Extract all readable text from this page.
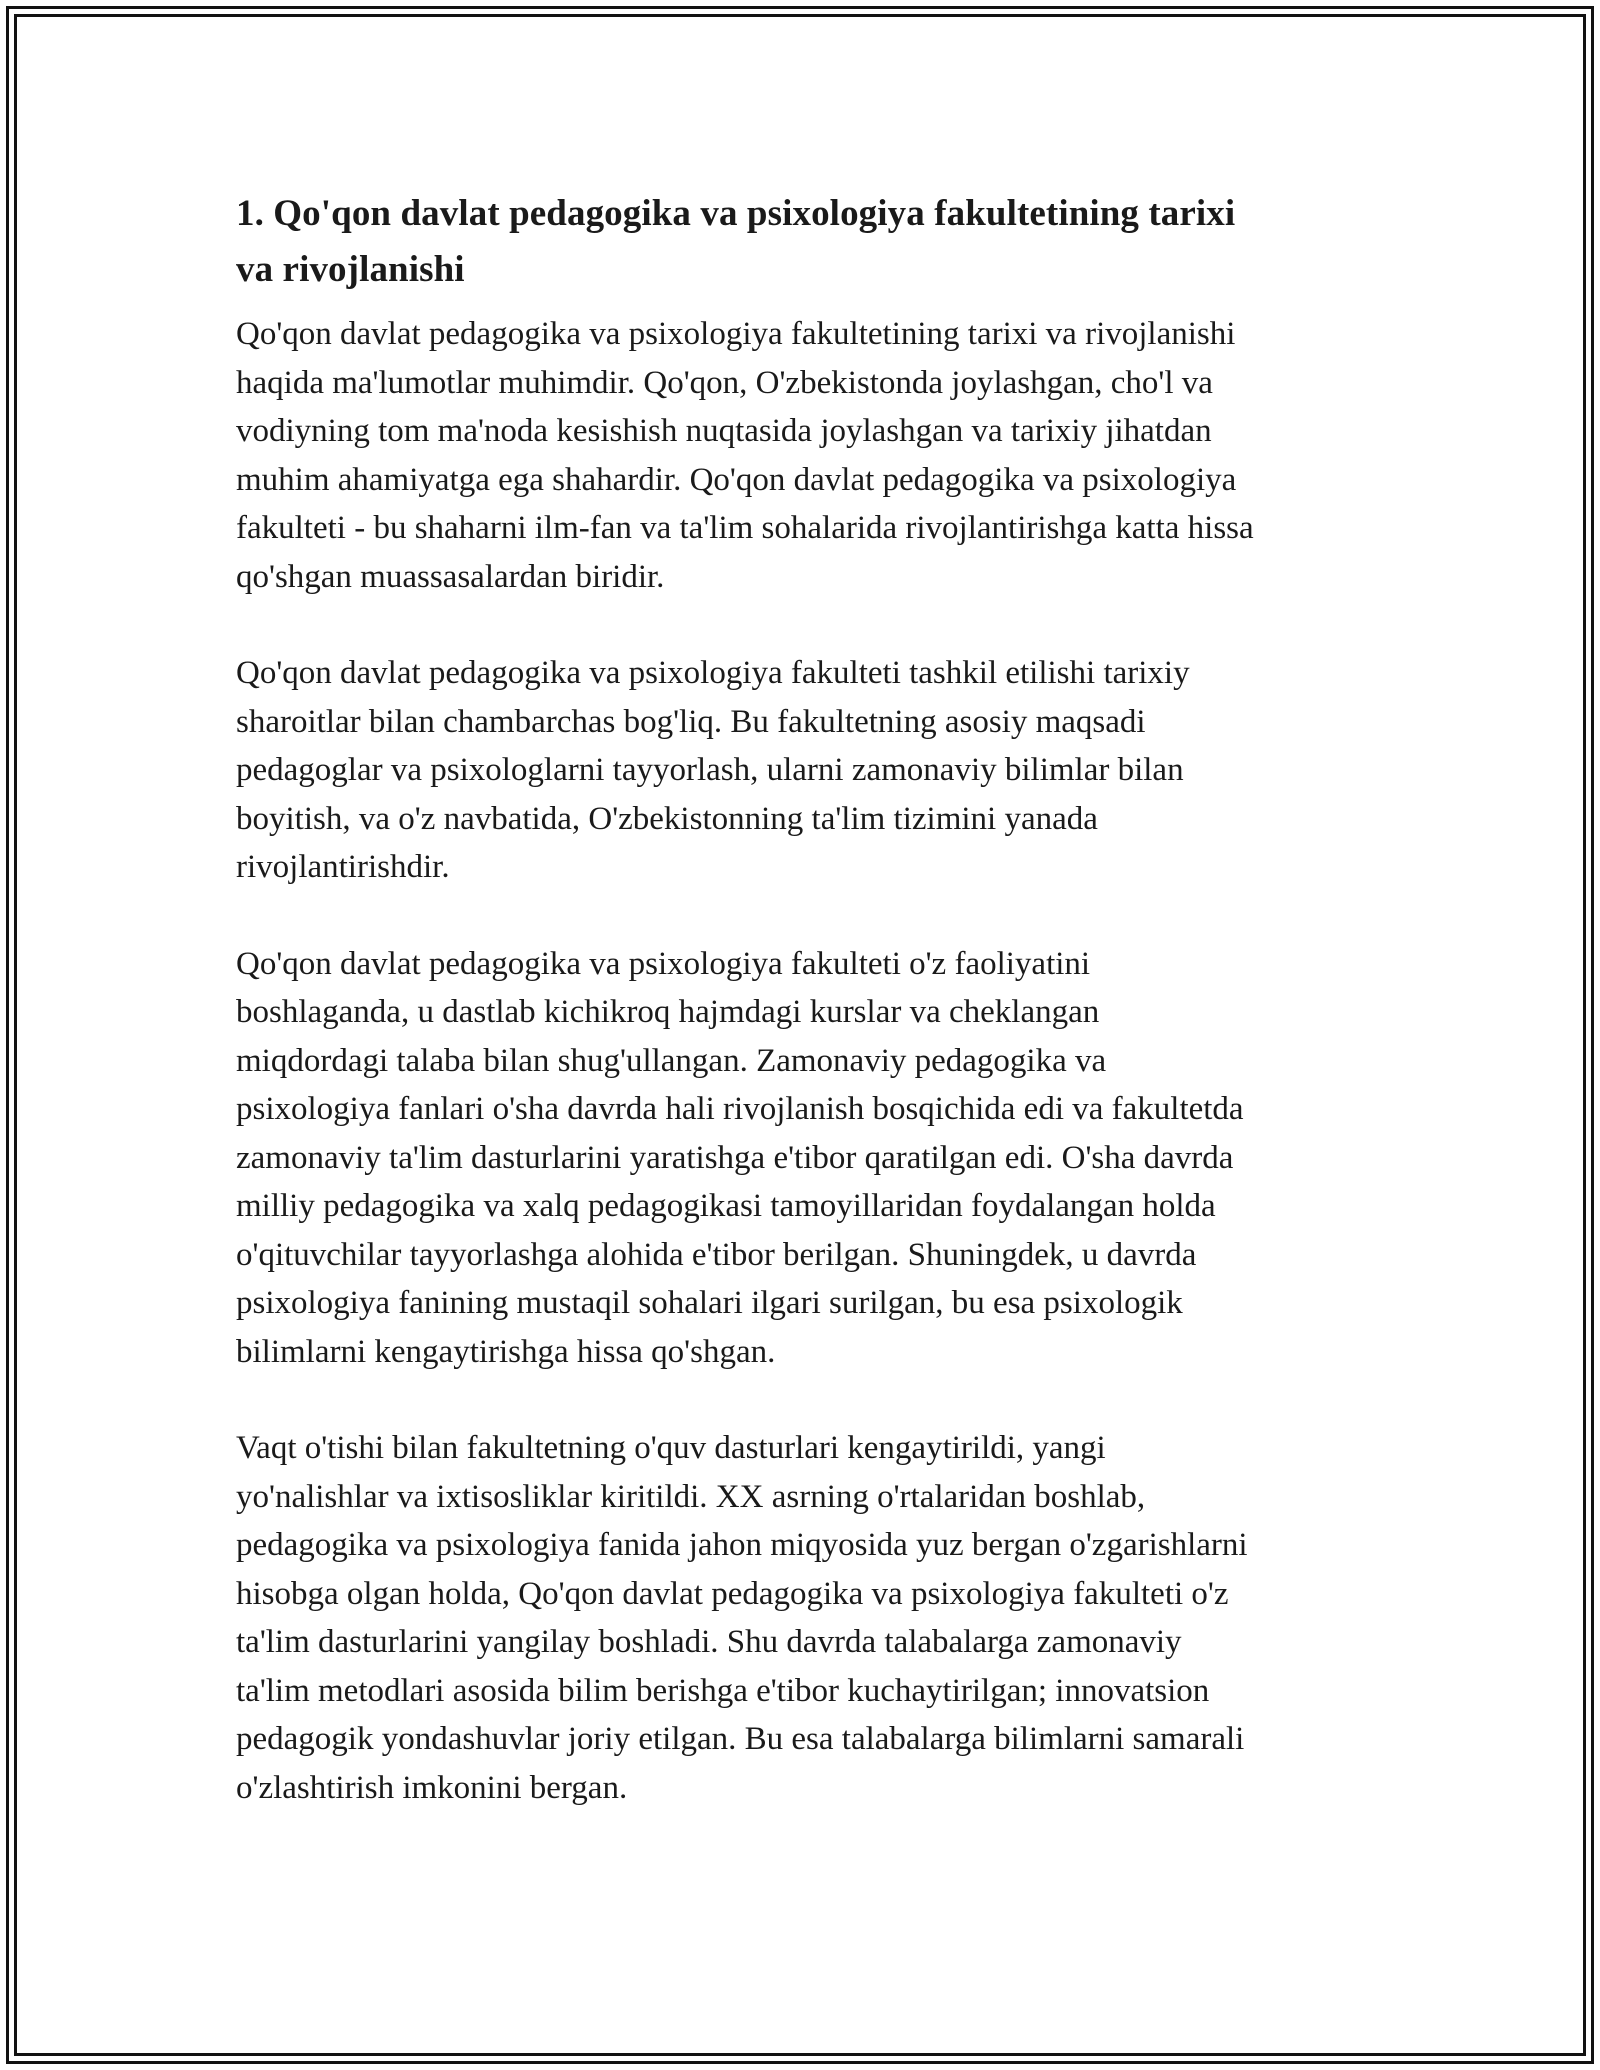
1. Qo'qon davlat pedagogika va psixologiya fakultetining tarixi
va rivojlanishi

Qo'qon davlat pedagogika va psixologiya fakultetining tarixi va rivojlanishi
haqida ma'lumotlar muhimdir. Qo'qon, O'zbekistonda joylashgan, cho'l va
vodiyning tom ma'noda kesishish nuqtasida joylashgan va tarixiy jihatdan
muhim ahamiyatga ega shahardir. Qo'qon davlat pedagogika va psixologiya
fakulteti - bu shaharni ilm-fan va ta'lim sohalarida rivojlantirishga katta hissa
qo'shgan muassasalardan biridir.

Qo'qon davlat pedagogika va psixologiya fakulteti tashkil etilishi tarixiy
sharoitlar bilan chambarchas bog'liq. Bu fakultetning asosiy maqsadi
pedagoglar va psixologlarni tayyorlash, ularni zamonaviy bilimlar bilan
boyitish, va o'z navbatida, O'zbekistonning ta'lim tizimini yanada
rivojlantirishdir.

Qo'qon davlat pedagogika va psixologiya fakulteti o'z faoliyatini
boshlaganda, u dastlab kichikroq hajmdagi kurslar va cheklangan
miqdordagi talaba bilan shug'ullangan. Zamonaviy pedagogika va
psixologiya fanlari o'sha davrda hali rivojlanish bosqichida edi va fakultetda
zamonaviy ta'lim dasturlarini yaratishga e'tibor qaratilgan edi. O'sha davrda
milliy pedagogika va xalq pedagogikasi tamoyillaridan foydalangan holda
o'qituvchilar tayyorlashga alohida e'tibor berilgan. Shuningdek, u davrda
psixologiya fanining mustaqil sohalari ilgari surilgan, bu esa psixologik
bilimlarni kengaytirishga hissa qo'shgan.

Vaqt o'tishi bilan fakultetning o'quv dasturlari kengaytirildi, yangi
yo'nalishlar va ixtisosliklar kiritildi. XX asrning o'rtalaridan boshlab,
pedagogika va psixologiya fanida jahon miqyosida yuz bergan o'zgarishlarni
hisobga olgan holda, Qo'qon davlat pedagogika va psixologiya fakulteti o'z
ta'lim dasturlarini yangilay boshladi. Shu davrda talabalarga zamonaviy
ta'lim metodlari asosida bilim berishga e'tibor kuchaytirilgan; innovatsion
pedagogik yondashuvlar joriy etilgan. Bu esa talabalarga bilimlarni samarali
o'zlashtirish imkonini bergan.
